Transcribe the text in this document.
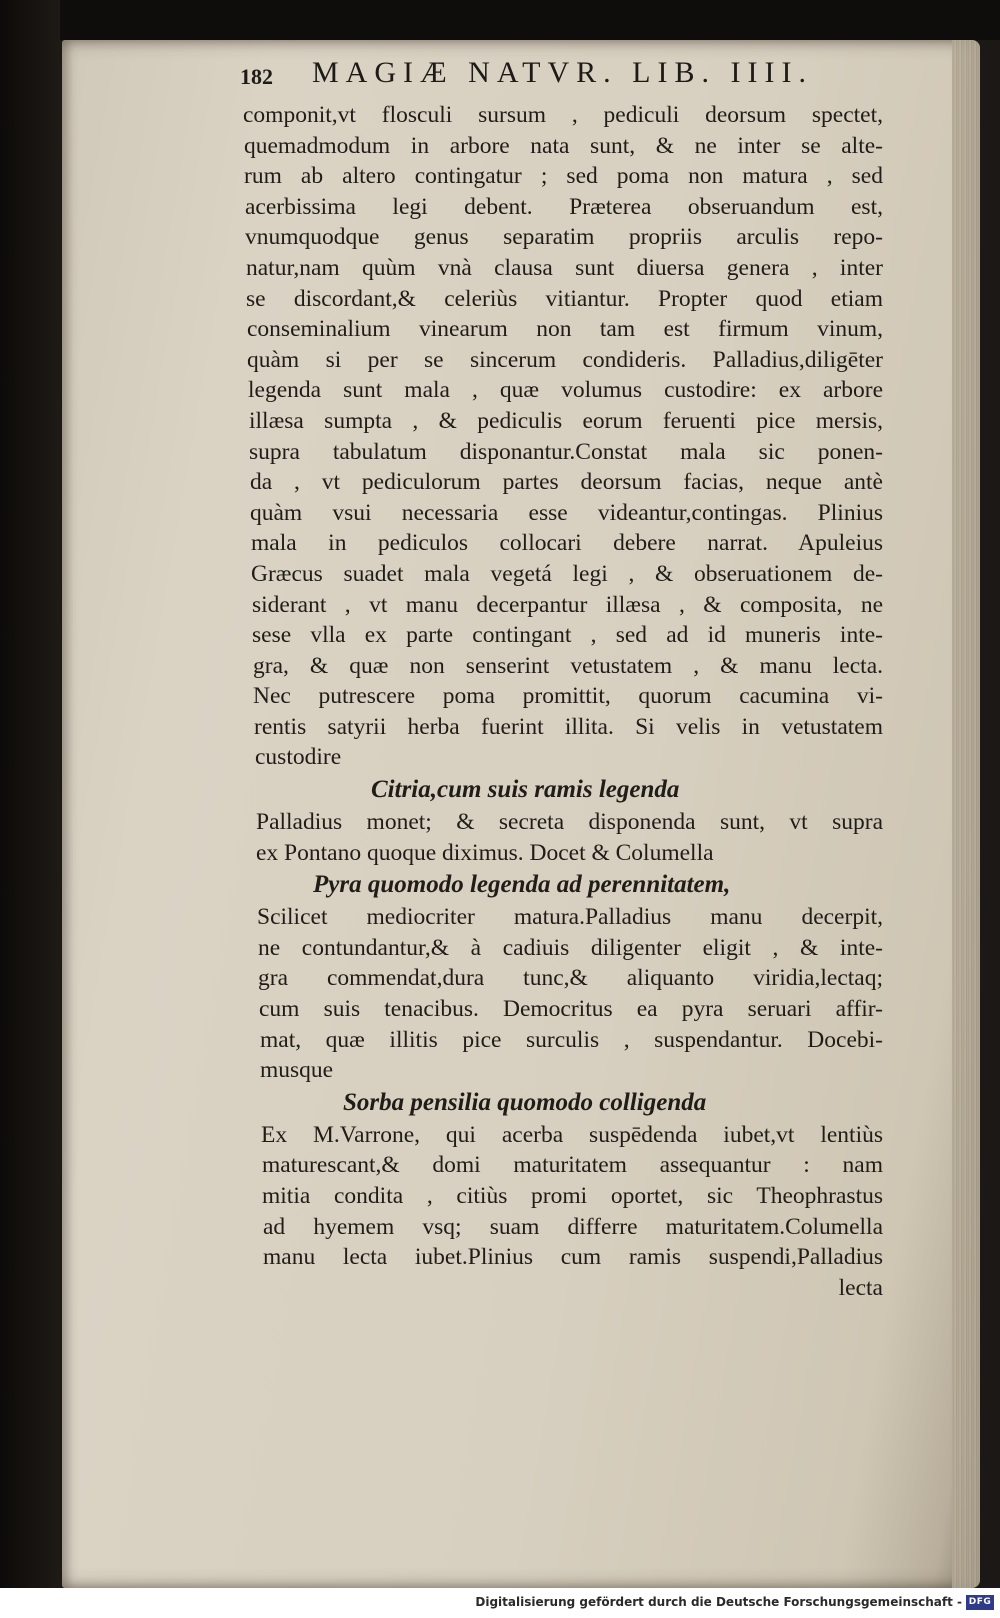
182 MAGIÆ NATVR. LIB. IIII.
componit,vt flosculi sursum , pediculi deorsum spectet,
quemadmodum in arbore nata sunt, & ne inter se alte-
rum ab altero contingatur ; sed poma non matura , sed
acerbissima legi debent. Præterea obseruandum est,
vnumquodque genus separatim propriis arculis repo-
natur,nam quùm vnà clausa sunt diuersa genera , inter
se discordant,& celeriùs vitiantur. Propter quod etiam
conseminalium vinearum non tam est firmum vinum,
quàm si per se sincerum condideris. Palladius,diligēter
legenda sunt mala , quæ volumus custodire: ex arbore
illæsa sumpta , & pediculis eorum feruenti pice mersis,
supra tabulatum disponantur.Constat mala sic ponen-
da , vt pediculorum partes deorsum facias, neque antè
quàm vsui necessaria esse videantur,contingas. Plinius
mala in pediculos collocari debere narrat. Apuleius
Græcus suadet mala vegetá legi , & obseruationem de-
siderant , vt manu decerpantur illæsa , & composita, ne
sese vlla ex parte contingant , sed ad id muneris inte-
gra, & quæ non senserint vetustatem , & manu lecta.
Nec putrescere poma promittit, quorum cacumina vi-
rentis satyrii herba fuerint illita. Si velis in vetustatem
custodire
Citria,cum suis ramis legenda
Palladius monet; & secreta disponenda sunt, vt supra
ex Pontano quoque diximus. Docet & Columella
Pyra quomodo legenda ad perennitatem,
Scilicet mediocriter matura.Palladius manu decerpit,
ne contundantur,& à cadiuis diligenter eligit , & inte-
gra commendat,dura tunc,& aliquanto viridia,lectaq;
cum suis tenacibus. Democritus ea pyra seruari affir-
mat, quæ illitis pice surculis , suspendantur. Docebi-
musque
Sorba pensilia quomodo colligenda
Ex M.Varrone, qui acerba suspēdenda iubet,vt lentiùs
maturescant,& domi maturitatem assequantur : nam
mitia condita , citiùs promi oportet, sic Theophrastus
ad hyemem vsq; suam differre maturitatem.Columella
manu lecta iubet.Plinius cum ramis suspendi,Palladius
lecta
Digitalisierung gefördert durch die Deutsche Forschungsgemeinschaft - DFG
